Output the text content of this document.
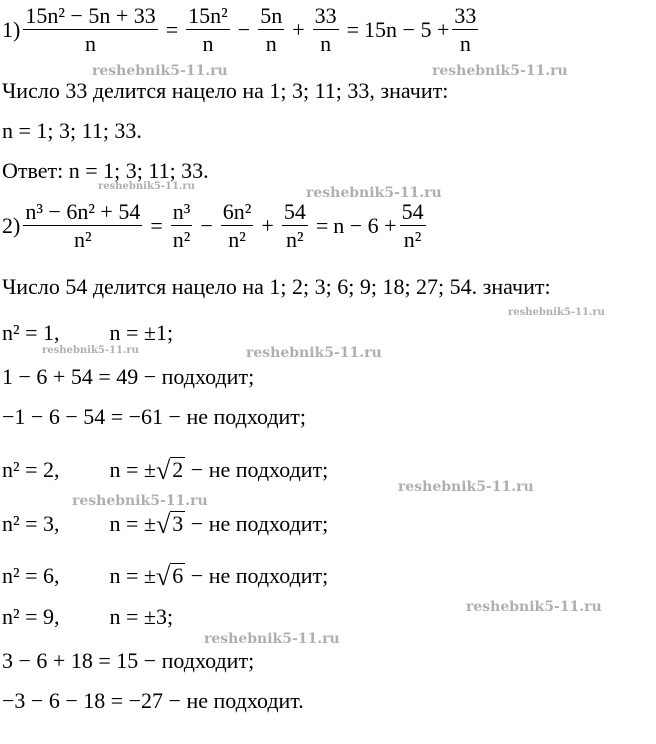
$1) \frac{\text{15n² − 5n + 33}}{n} = \frac{\text{15n²}}{n} - \frac{5n}{n} + \frac{33}{n} = 15n - 5 + \frac{33}{n}$
Число 33 делится нацело на 1; 3; 11; 33, значит:
n = 1; 3; 11; 33.
Ответ: n = 1; 3; 11; 33.
$2) \frac{\text{n³ − 6n² + 54}}{\text{n²}} = \frac{\text{n³}}{\text{n²}} - \frac{\text{6n²}}{\text{n²}} + \frac{54}{\text{n²}} = n - 6 + \frac{54}{\text{n²}}$
Число 54 делится нацело на 1; 2; 3; 6; 9; 18; 27; 54. значит:
n² = 1, n = ±1;
1 − 6 + 54 = 49 − подходит;
−1 − 6 − 54 = −61 − не подходит;
n² = 2, n = ± √ 2 − не подходит;
n² = 3, n = ± √ 3 − не подходит;
n² = 6, n = ± √ 6 − не подходит;
n² = 9, n = ±3;
3 − 6 + 18 = 15 − подходит;
−3 − 6 − 18 = −27 − не подходит.
reshebnik5-11.ru	reshebnik5-11.ru
reshebnik5-11.ru	reshebnik5-11.ru
reshebnik5-11.ru
reshebnik5-11.ru	reshebnik5-11.ru
reshebnik5-11.ru
reshebnik5-11.ru
reshebnik5-11.ru
reshebnik5-11.ru
